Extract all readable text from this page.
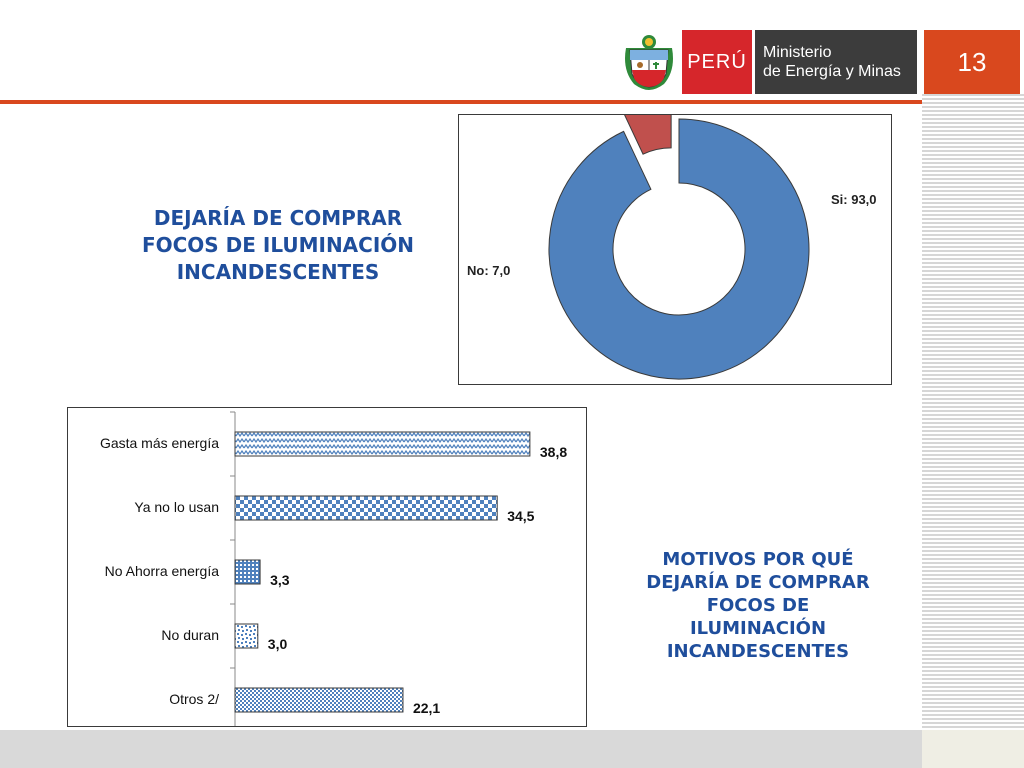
PERÚ	Ministerio
de Energía y Minas	13
DEJARÍA DE COMPRAR FOCOS DE ILUMINACIÓN INCANDESCENTES
MOTIVOS POR QUÉ DEJARÍA DE COMPRAR FOCOS DE ILUMINACIÓN INCANDESCENTES
Si: 93,0
No: 7,0
Gasta más energía
38,8
Ya no lo usan
34,5
No Ahorra energía
3,3
No duran
3,0
Otros 2/
22,1
